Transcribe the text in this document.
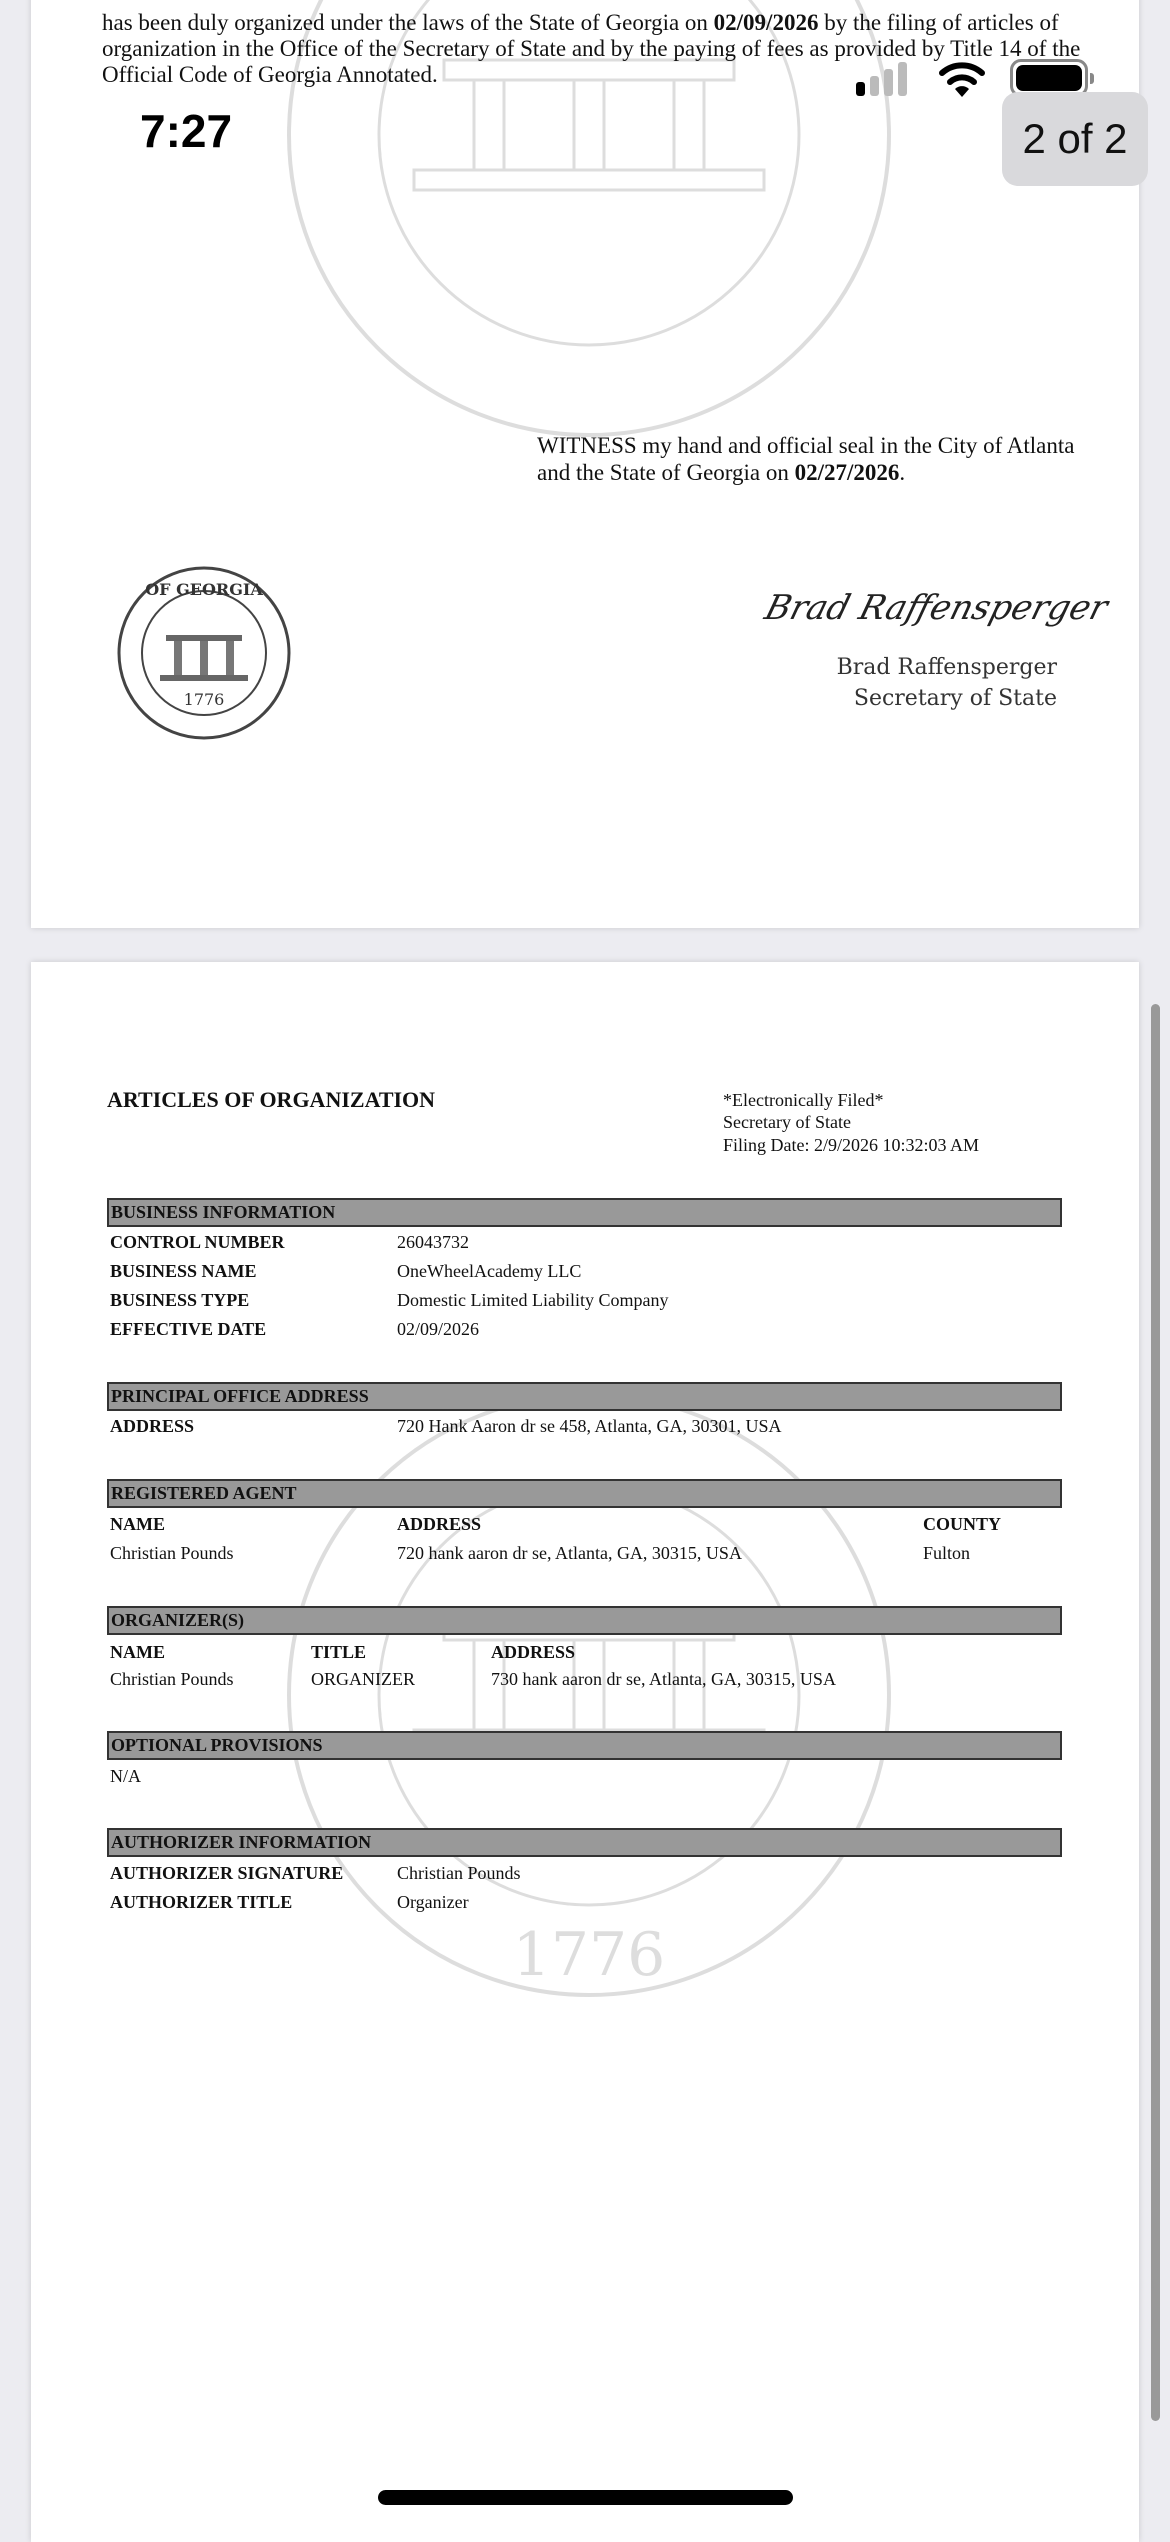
has been duly organized under the laws of the State of Georgia on 02/09/2026 by the filing of articles of
organization in the Office of the Secretary of State and by the paying of fees as provided by Title 14 of the
Official Code of Georgia Annotated.
WITNESS my hand and official seal in the City of Atlanta
and the State of Georgia on 02/27/2026.
1776
OF GEORGIA	Brad Raffensperger
Brad Raffensperger
Secretary of State
1776
ARTICLES OF ORGANIZATION	*Electronically Filed*
Secretary of State
Filing Date: 2/9/2026 10:32:03 AM
BUSINESS INFORMATION
CONTROL NUMBER	26043732
BUSINESS NAME	OneWheelAcademy LLC
BUSINESS TYPE	Domestic Limited Liability Company
EFFECTIVE DATE	02/09/2026
PRINCIPAL OFFICE ADDRESS
ADDRESS	720 Hank Aaron dr se 458, Atlanta, GA, 30301, USA
REGISTERED AGENT
NAME	ADDRESS	COUNTY
Christian Pounds	720 hank aaron dr se, Atlanta, GA, 30315, USA	Fulton
ORGANIZER(S)
NAME	TITLE	ADDRESS
Christian Pounds	ORGANIZER	730 hank aaron dr se, Atlanta, GA, 30315, USA
OPTIONAL PROVISIONS
N/A
AUTHORIZER INFORMATION
AUTHORIZER SIGNATURE	Christian Pounds
AUTHORIZER TITLE	Organizer
7:27	2 of 2
